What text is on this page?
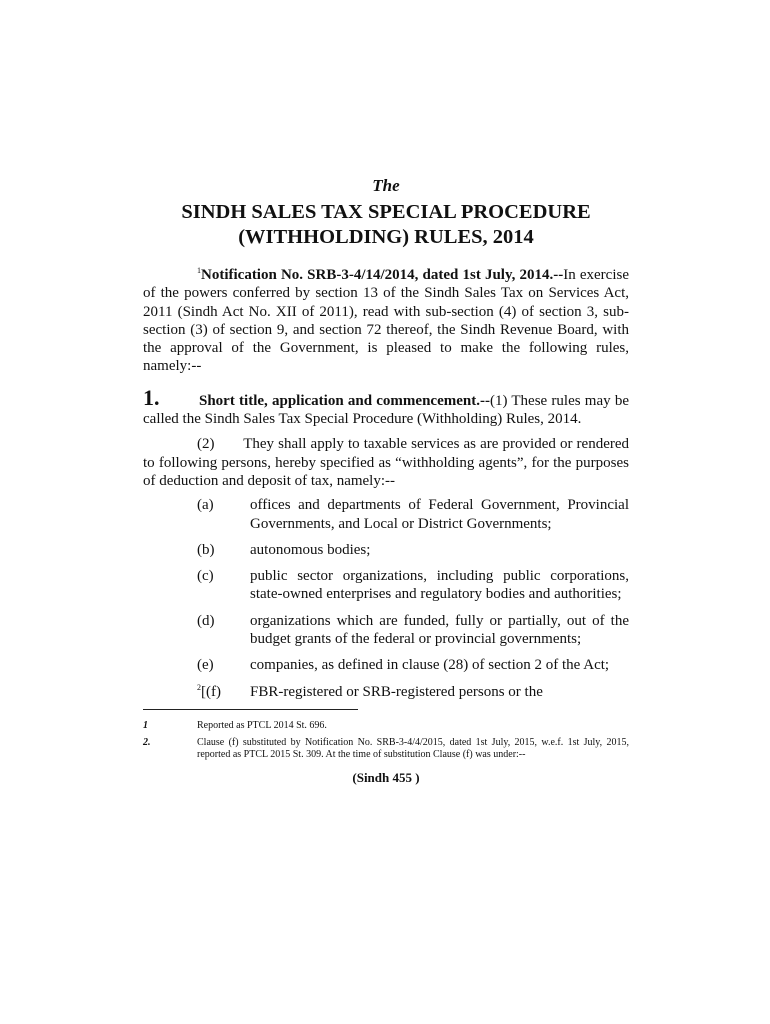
The

SINDH SALES TAX SPECIAL PROCEDURE
(WITHHOLDING) RULES, 2014

$^1$Notification No. SRB-3-4/14/2014, dated 1st July, 2014.--In exercise of the powers conferred by section 13 of the Sindh Sales Tax on Services Act, 2011 (Sindh Act No. XII of 2011), read with sub-section (4) of section 3, sub-section (3) of section 9, and section 72 thereof, the Sindh Revenue Board, with the approval of the Government, is pleased to make the following rules, namely:--

1.	Short title, application and commencement.--(1) These rules may be called the Sindh Sales Tax Special Procedure (Withholding) Rules, 2014.

(2) They shall apply to taxable services as are provided or rendered to following persons, hereby specified as “withholding agents”, for the purposes of deduction and deposit of tax, namely:--

(a)	offices and departments of Federal Government, Provincial Governments, and Local or District Governments;
(b)	autonomous bodies;
(c)	public sector organizations, including public corporations, state-owned enterprises and regulatory bodies and authorities;
(d)	organizations which are funded, fully or partially, out of the budget grants of the federal or provincial governments;
(e)	companies, as defined in clause (28) of section 2 of the Act;
$^2$[(f)	FBR-registered or SRB-registered persons or the
1	Reported as PTCL 2014 St. 696.
2.	Clause (f) substituted by Notification No. SRB-3-4/4/2015, dated 1st July, 2015, w.e.f. 1st July, 2015, reported as PTCL 2015 St. 309. At the time of substitution Clause (f) was under:--
(Sindh 455 )
